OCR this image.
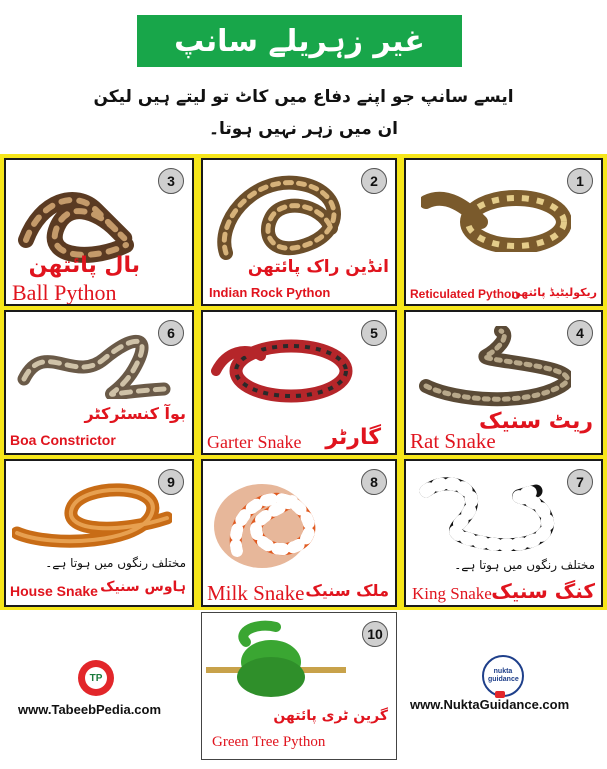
غیر زہریلے سانپ
ایسے سانپ جو اپنے دفاع میں کاٹ تو لیتے ہیں لیکن
ان میں زہر نہیں ہوتا۔
3
بال پائتھن
Ball Python
2
انڈین راک پائتھن
Indian Rock Python
1
ریکولیٹیڈ پائتھن
Reticulated Python
6
بوآ کنسٹرکٹر
Boa Constrictor
5
گارٹر
Garter Snake
4
ریٹ سنیک
Rat Snake
9
مختلف رنگوں میں ہوتا ہے۔
ہاوس سنیک
House Snake
8
ملک سنیک
Milk Snake
7
مختلف رنگوں میں ہوتا ہے۔
کنگ سنیک
King Snake
10
گرین ٹری پائتھن
Green Tree Python
TP
www.TabeebPedia.com
nukta guidance
www.NuktaGuidance.com
